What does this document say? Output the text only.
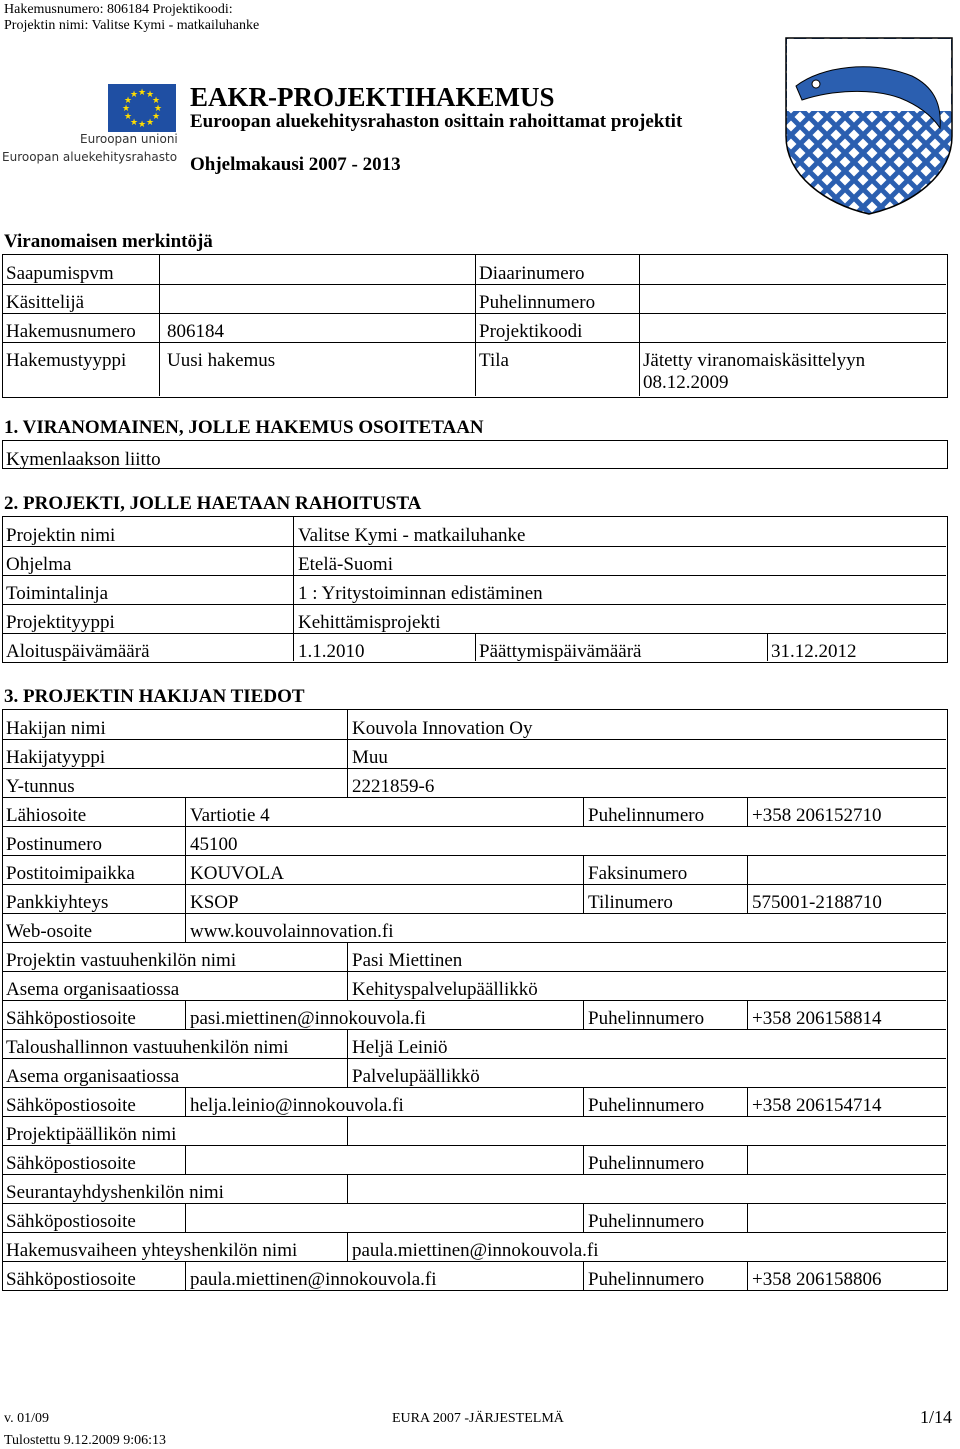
Hakemusnumero: 806184 Projektikoodi:
Projektin nimi: Valitse Kymi - matkailuhanke
★ ★
★
★
★
★
★
★
★
★
★
★
Euroopan unioni
Euroopan aluekehitysrahasto
EAKR-PROJEKTIHAKEMUS
Euroopan aluekehitysrahaston osittain rahoittamat projektit
Ohjelmakausi 2007 - 2013
Viranomaisen merkintöjä
Saapumispvm	Diaarinumero
Käsittelijä	Puhelinnumero
Hakemusnumero 806184	Projektikoodi
Hakemustyyppi Uusi hakemus	Tila	Jätetty viranomaiskäsittelyyn
08.12.2009
1. VIRANOMAINEN, JOLLE HAKEMUS OSOITETAAN
Kymenlaakson liitto
2. PROJEKTI, JOLLE HAETAAN RAHOITUSTA
Projektin nimi	Valitse Kymi - matkailuhanke
Ohjelma	Etelä-Suomi
Toimintalinja	1 : Yritystoiminnan edistäminen
Projektityyppi	Kehittämisprojekti
Aloituspäivämäärä	1.1.2010	Päättymispäivämäärä	31.12.2012
3. PROJEKTIN HAKIJAN TIEDOT
Hakijan nimi	Kouvola Innovation Oy
Hakijatyyppi	Muu
Y-tunnus	2221859-6
Lähiosoite	Vartiotie 4	Puhelinnumero	+358 206152710
Postinumero	45100
Postitoimipaikka	KOUVOLA	Faksinumero
Pankkiyhteys	KSOP	Tilinumero	575001-2188710
Web-osoite	www.kouvolainnovation.fi
Projektin vastuuhenkilön nimi	Pasi Miettinen
Asema organisaatiossa	Kehityspalvelupäällikkö
Sähköpostiosoite	pasi.miettinen@innokouvola.fi	Puhelinnumero	+358 206158814
Taloushallinnon vastuuhenkilön nimi	Heljä Leiniö
Asema organisaatiossa	Palvelupäällikkö
Sähköpostiosoite	helja.leinio@innokouvola.fi	Puhelinnumero	+358 206154714
Projektipäällikön nimi
Sähköpostiosoite	Puhelinnumero
Seurantayhdyshenkilön nimi
Sähköpostiosoite	Puhelinnumero
Hakemusvaiheen yhteyshenkilön nimi	paula.miettinen@innokouvola.fi
Sähköpostiosoite	paula.miettinen@innokouvola.fi	Puhelinnumero	+358 206158806
v. 01/09	EURA 2007 -JÄRJESTELMÄ	1/14
Tulostettu 9.12.2009 9:06:13
